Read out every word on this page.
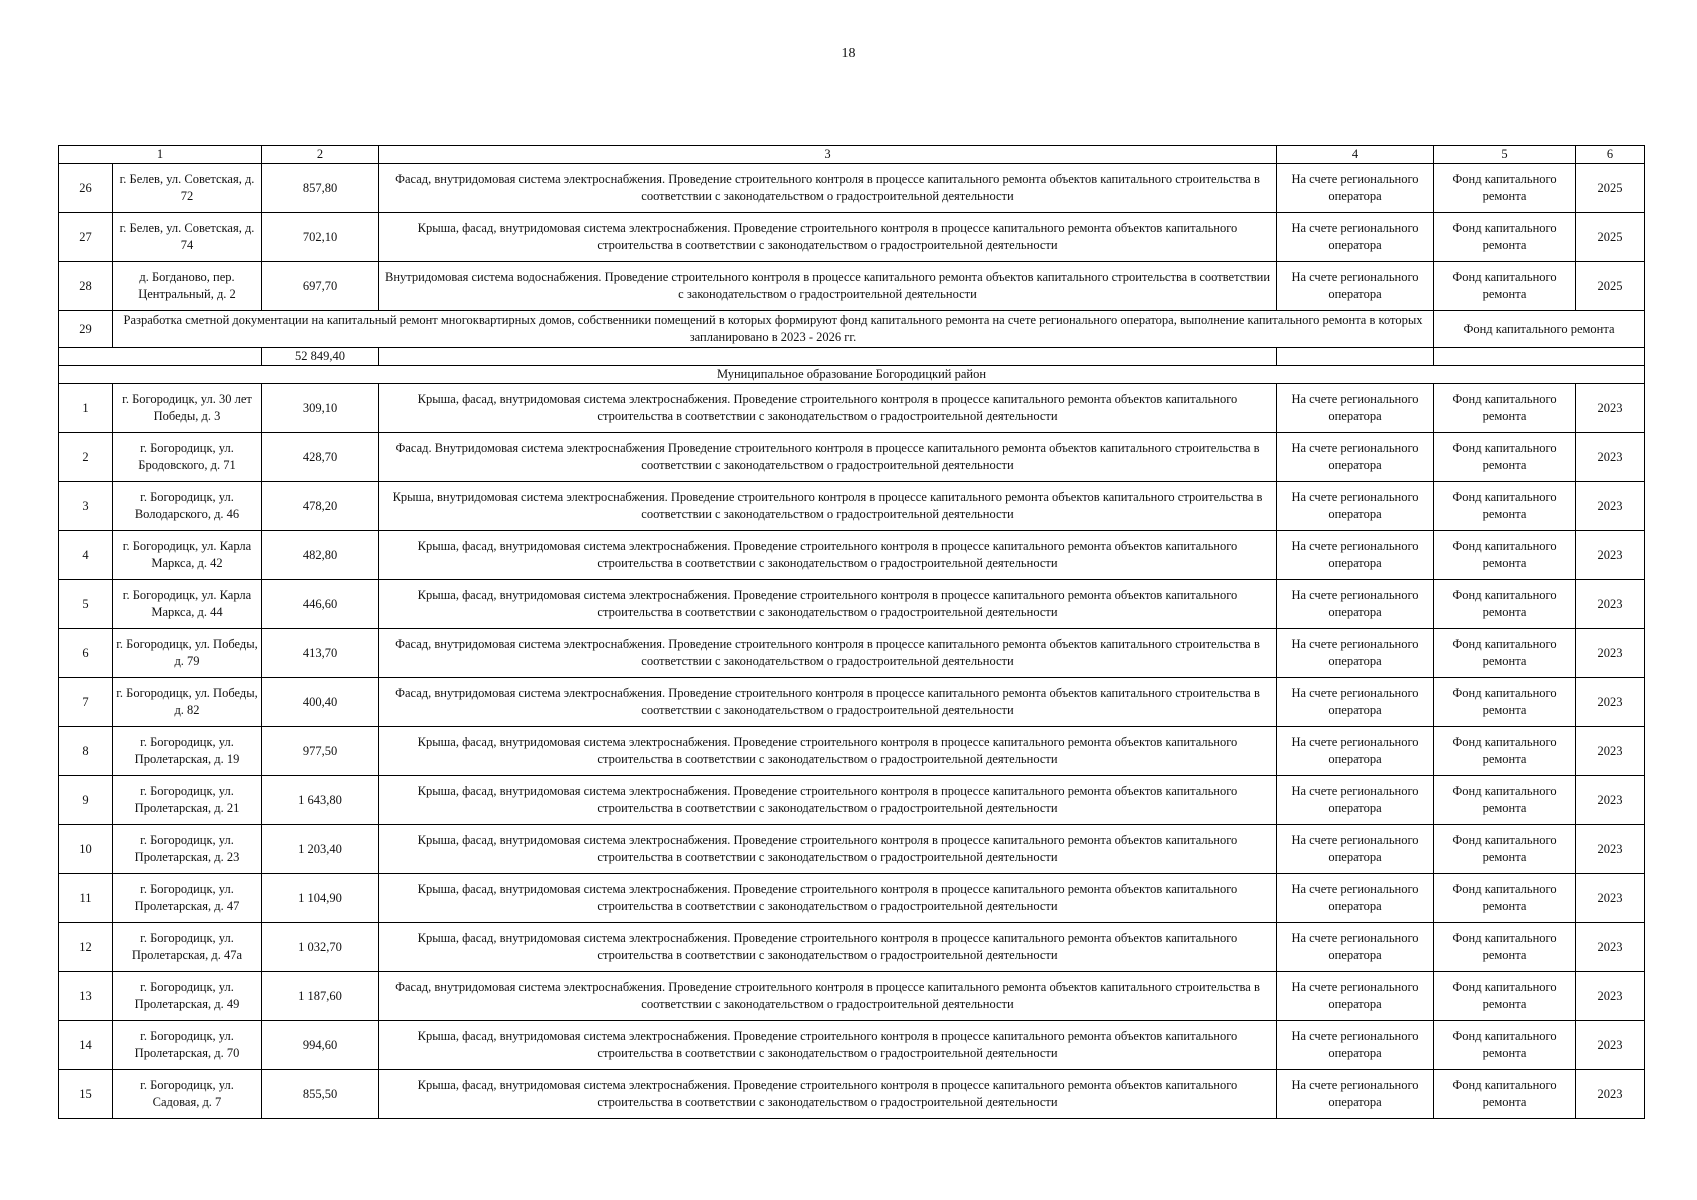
18
1		2	3	4	5	6
26	г. Белев, ул. Советская, д. 72	857,80	Фасад, внутридомовая система электроснабжения. Проведение строительного контроля в процессе капитального ремонта объектов капитального строительства в соответствии с законодательством о градостроительной деятельности	На счете регионального оператора	Фонд капитального ремонта	2025
27	г. Белев, ул. Советская, д. 74	702,10	Крыша, фасад, внутридомовая система электроснабжения. Проведение строительного контроля в процессе капитального ремонта объектов капитального строительства в соответствии с законодательством о градостроительной деятельности	На счете регионального оператора	Фонд капитального ремонта	2025
28	д. Богданово, пер. Центральный, д. 2	697,70	Внутридомовая система водоснабжения. Проведение строительного контроля в процессе капитального ремонта объектов капитального строительства в соответствии с законодательством о градостроительной деятельности	На счете регионального оператора	Фонд капитального ремонта	2025
29	Разработка сметной документации на капитальный ремонт многоквартирных домов, собственники помещений в которых формируют фонд капитального ремонта на счете регионального оператора, выполнение капитального ремонта в которых запланировано в 2023 - 2026 гг.				Фонд капитального ремонта	
		52 849,40				
Муниципальное образование Богородицкий район						
1	г. Богородицк, ул. 30 лет Победы, д. 3	309,10	Крыша, фасад, внутридомовая система электроснабжения. Проведение строительного контроля в процессе капитального ремонта объектов капитального строительства в соответствии с законодательством о градостроительной деятельности	На счете регионального оператора	Фонд капитального ремонта	2023
2	г. Богородицк, ул. Бродовского, д. 71	428,70	Фасад. Внутридомовая система электроснабжения Проведение строительного контроля в процессе капитального ремонта объектов капитального строительства в соответствии с законодательством о градостроительной деятельности	На счете регионального оператора	Фонд капитального ремонта	2023
3	г. Богородицк, ул. Володарского, д. 46	478,20	Крыша, внутридомовая система электроснабжения. Проведение строительного контроля в процессе капитального ремонта объектов капитального строительства в соответствии с законодательством о градостроительной деятельности	На счете регионального оператора	Фонд капитального ремонта	2023
4	г. Богородицк, ул. Карла Маркса, д. 42	482,80	Крыша, фасад, внутридомовая система электроснабжения. Проведение строительного контроля в процессе капитального ремонта объектов капитального строительства в соответствии с законодательством о градостроительной деятельности	На счете регионального оператора	Фонд капитального ремонта	2023
5	г. Богородицк, ул. Карла Маркса, д. 44	446,60	Крыша, фасад, внутридомовая система электроснабжения. Проведение строительного контроля в процессе капитального ремонта объектов капитального строительства в соответствии с законодательством о градостроительной деятельности	На счете регионального оператора	Фонд капитального ремонта	2023
6	г. Богородицк, ул. Победы, д. 79	413,70	Фасад, внутридомовая система электроснабжения. Проведение строительного контроля в процессе капитального ремонта объектов капитального строительства в соответствии с законодательством о градостроительной деятельности	На счете регионального оператора	Фонд капитального ремонта	2023
7	г. Богородицк, ул. Победы, д. 82	400,40	Фасад, внутридомовая система электроснабжения. Проведение строительного контроля в процессе капитального ремонта объектов капитального строительства в соответствии с законодательством о градостроительной деятельности	На счете регионального оператора	Фонд капитального ремонта	2023
8	г. Богородицк, ул. Пролетарская, д. 19	977,50	Крыша, фасад, внутридомовая система электроснабжения. Проведение строительного контроля в процессе капитального ремонта объектов капитального строительства в соответствии с законодательством о градостроительной деятельности	На счете регионального оператора	Фонд капитального ремонта	2023
9	г. Богородицк, ул. Пролетарская, д. 21	1 643,80	Крыша, фасад, внутридомовая система электроснабжения. Проведение строительного контроля в процессе капитального ремонта объектов капитального строительства в соответствии с законодательством о градостроительной деятельности	На счете регионального оператора	Фонд капитального ремонта	2023
10	г. Богородицк, ул. Пролетарская, д. 23	1 203,40	Крыша, фасад, внутридомовая система электроснабжения. Проведение строительного контроля в процессе капитального ремонта объектов капитального строительства в соответствии с законодательством о градостроительной деятельности	На счете регионального оператора	Фонд капитального ремонта	2023
11	г. Богородицк, ул. Пролетарская, д. 47	1 104,90	Крыша, фасад, внутридомовая система электроснабжения. Проведение строительного контроля в процессе капитального ремонта объектов капитального строительства в соответствии с законодательством о градостроительной деятельности	На счете регионального оператора	Фонд капитального ремонта	2023
12	г. Богородицк, ул. Пролетарская, д. 47а	1 032,70	Крыша, фасад, внутридомовая система электроснабжения. Проведение строительного контроля в процессе капитального ремонта объектов капитального строительства в соответствии с законодательством о градостроительной деятельности	На счете регионального оператора	Фонд капитального ремонта	2023
13	г. Богородицк, ул. Пролетарская, д. 49	1 187,60	Фасад, внутридомовая система электроснабжения. Проведение строительного контроля в процессе капитального ремонта объектов капитального строительства в соответствии с законодательством о градостроительной деятельности	На счете регионального оператора	Фонд капитального ремонта	2023
14	г. Богородицк, ул. Пролетарская, д. 70	994,60	Крыша, фасад, внутридомовая система электроснабжения. Проведение строительного контроля в процессе капитального ремонта объектов капитального строительства в соответствии с законодательством о градостроительной деятельности	На счете регионального оператора	Фонд капитального ремонта	2023
15	г. Богородицк, ул. Садовая, д. 7	855,50	Крыша, фасад, внутридомовая система электроснабжения. Проведение строительного контроля в процессе капитального ремонта объектов капитального строительства в соответствии с законодательством о градостроительной деятельности	На счете регионального оператора	Фонд капитального ремонта	2023
